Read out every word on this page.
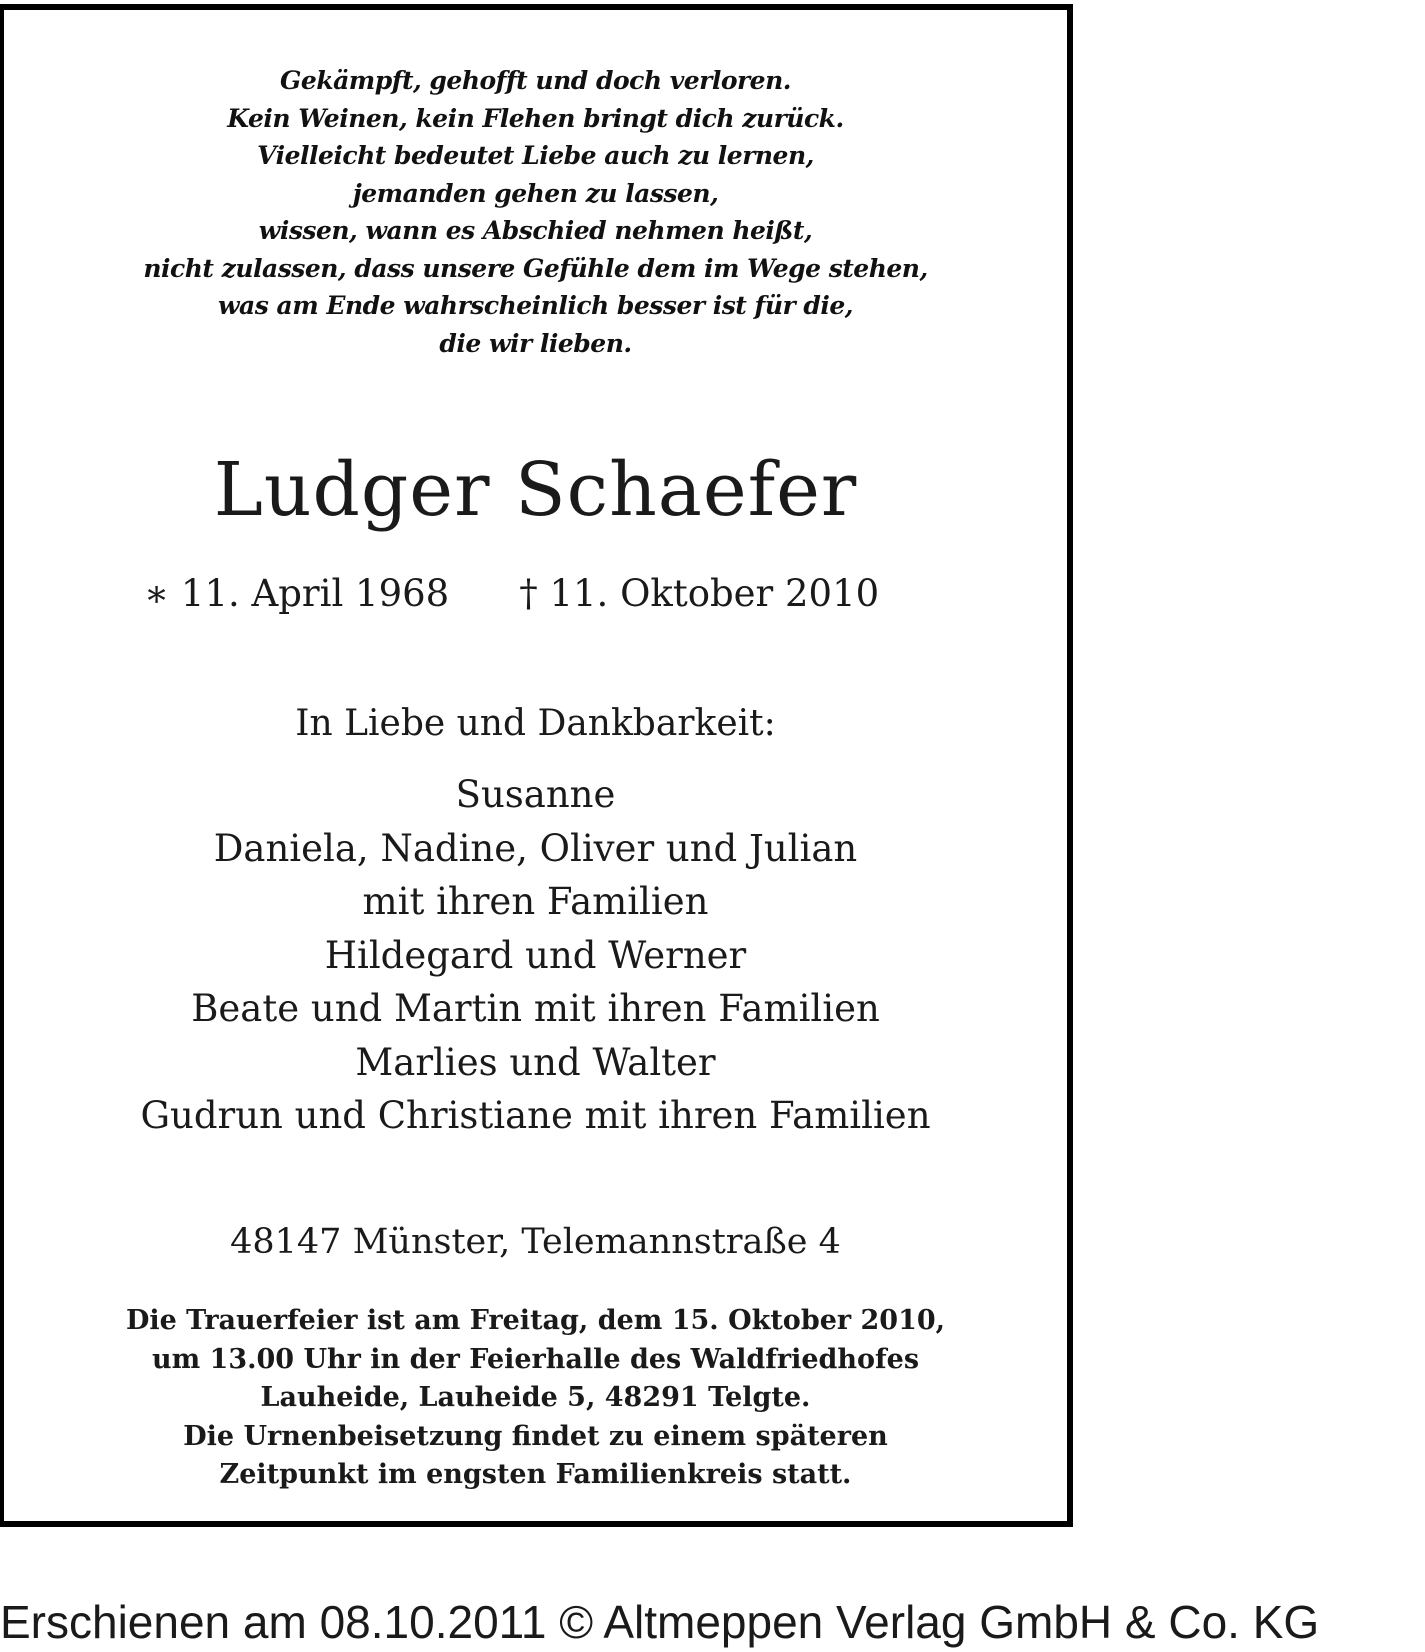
Gekämpft, gehofft und doch verloren.
Kein Weinen, kein Flehen bringt dich zurück.
Vielleicht bedeutet Liebe auch zu lernen,
jemanden gehen zu lassen,
wissen, wann es Abschied nehmen heißt,
nicht zulassen, dass unsere Gefühle dem im Wege stehen,
was am Ende wahrscheinlich besser ist für die,
die wir lieben.
Ludger Schaefer
∗ 11. April 1968 † 11. Oktober 2010
In Liebe und Dankbarkeit:
Susanne
Daniela, Nadine, Oliver und Julian
mit ihren Familien
Hildegard und Werner
Beate und Martin mit ihren Familien
Marlies und Walter
Gudrun und Christiane mit ihren Familien
48147 Münster, Telemannstraße 4
Die Trauerfeier ist am Freitag, dem 15. Oktober 2010,
um 13.00 Uhr in der Feierhalle des Waldfriedhofes
Lauheide, Lauheide 5, 48291 Telgte.
Die Urnenbeisetzung findet zu einem späteren
Zeitpunkt im engsten Familienkreis statt.
Erschienen am 08.10.2011 © Altmeppen Verlag GmbH & Co. KG
